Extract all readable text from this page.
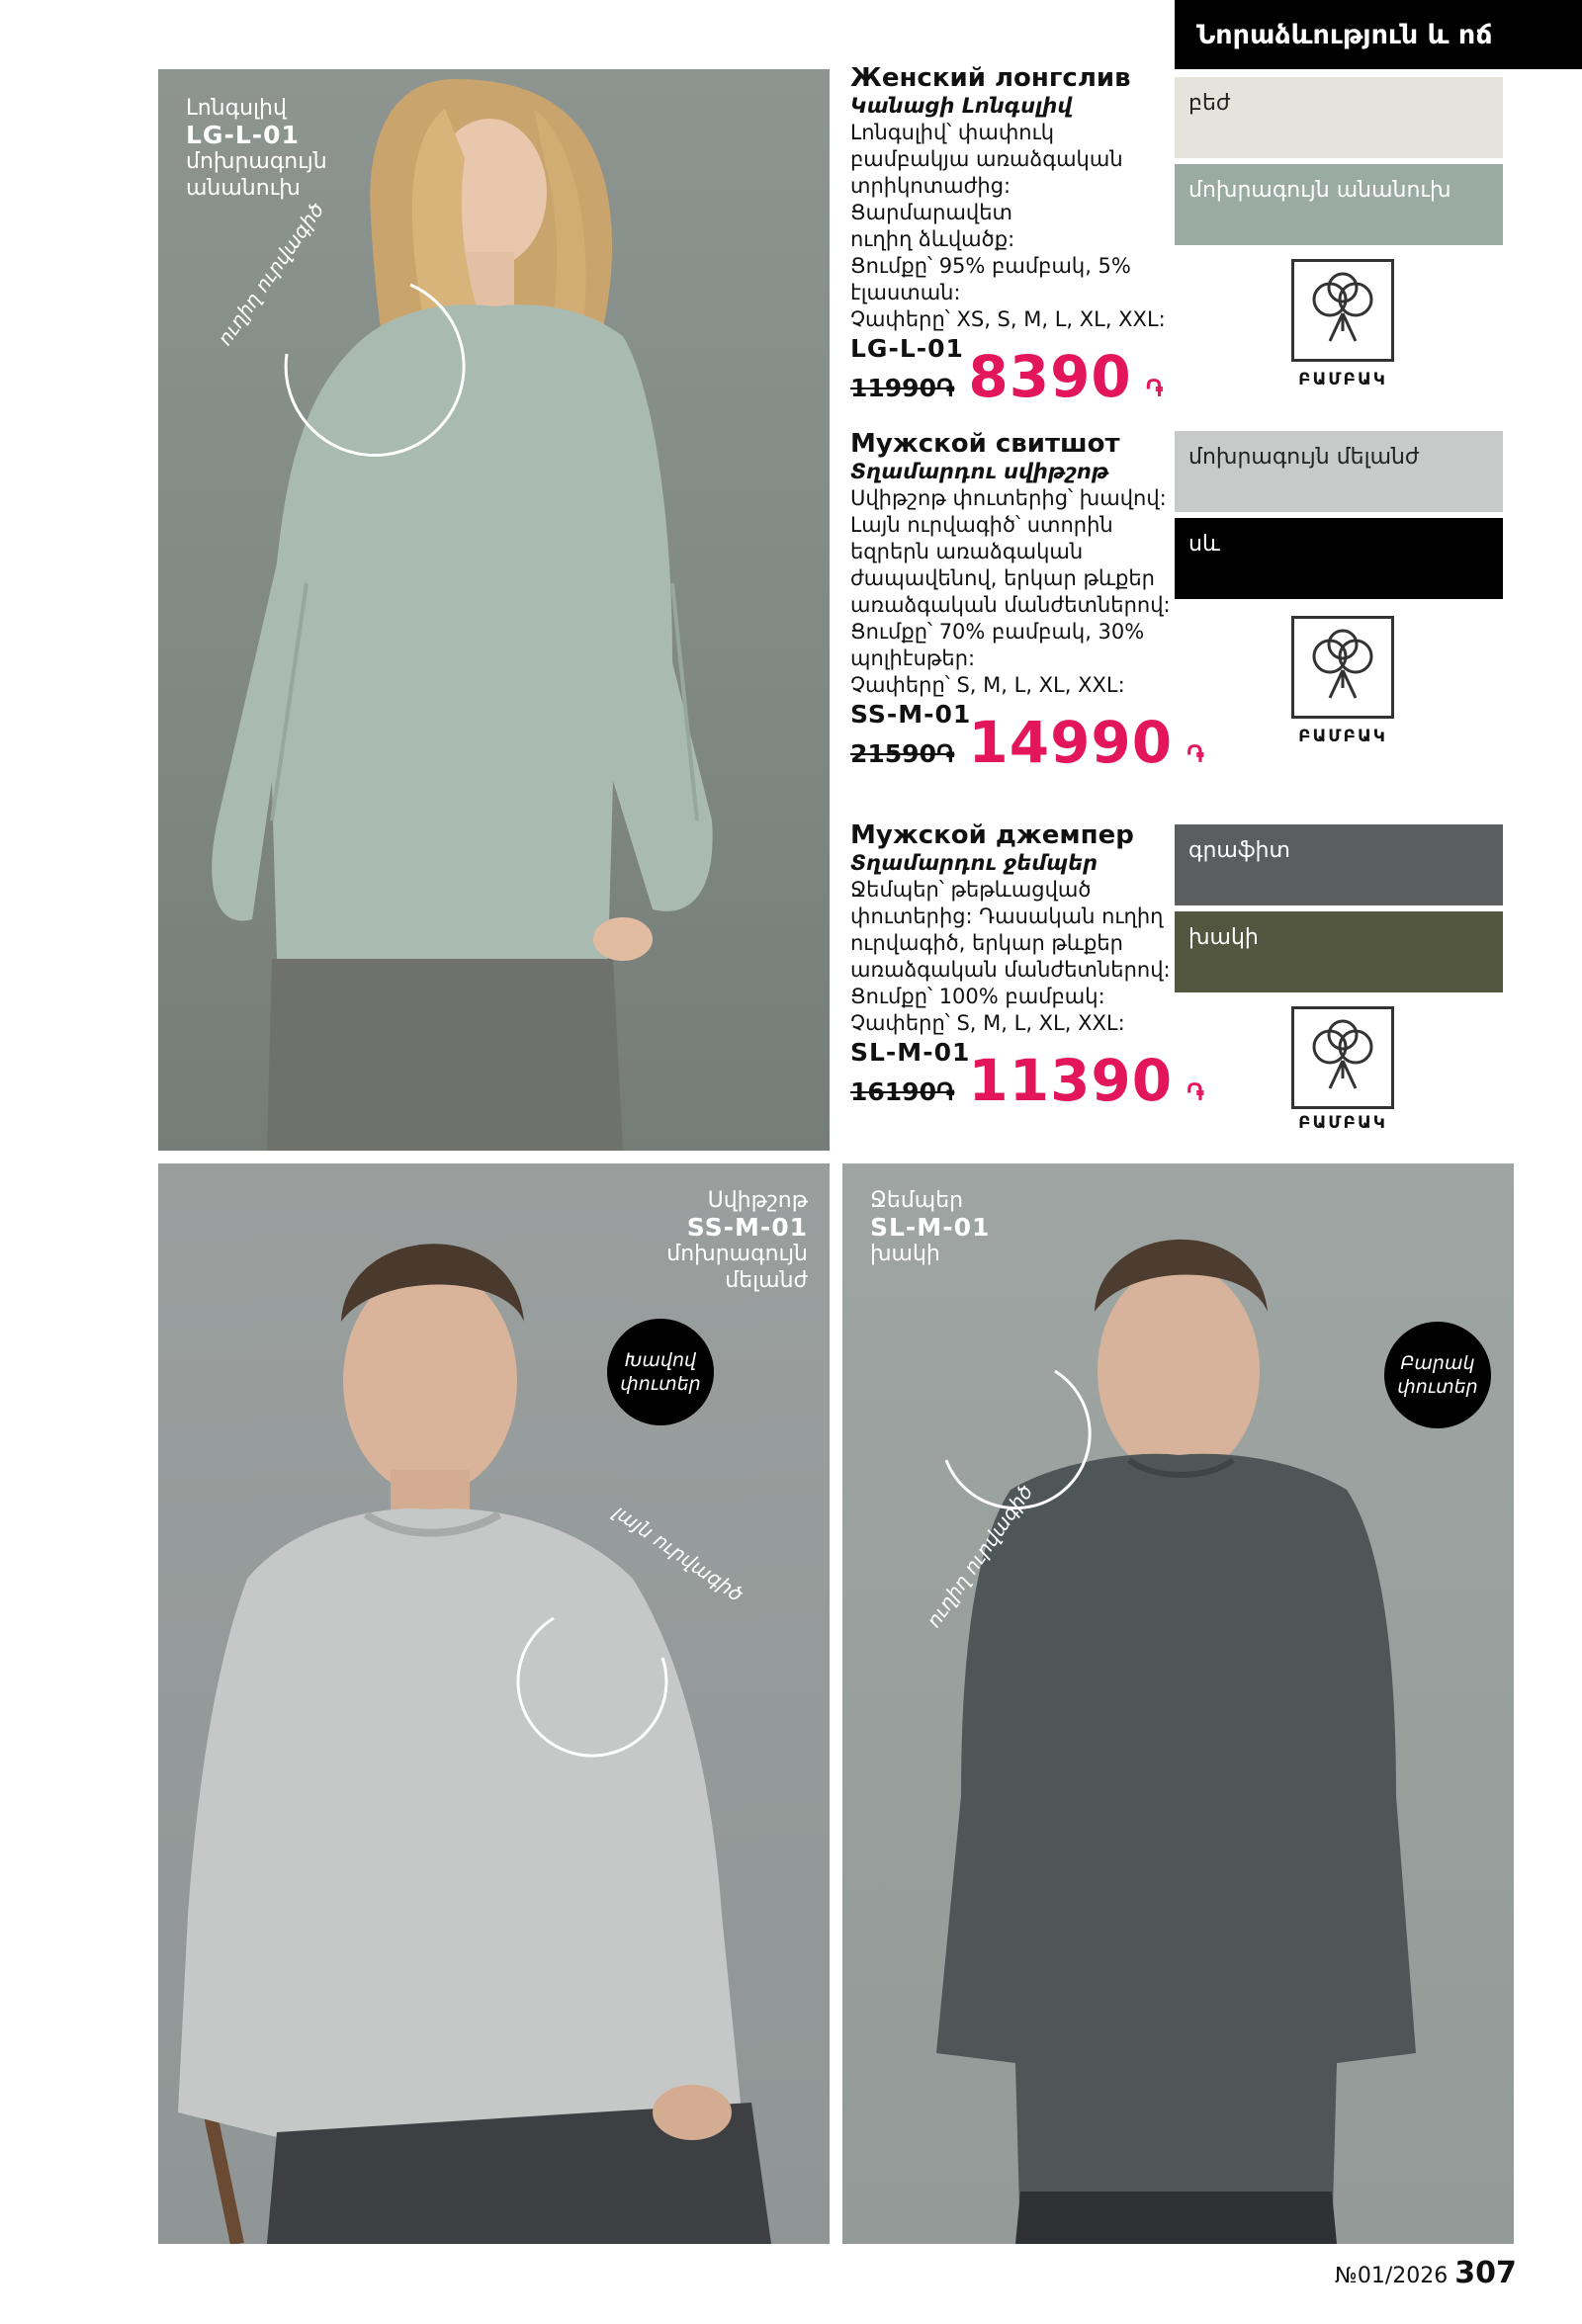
Նորաձևություն և ոճ
Լոնգսլիվ
LG-L-01
մոխրագույն
անանուխ
ուղիղ ուրվագիծ
Սվիթշոթ
SS-M-01
մոխրագույն
մելանժ
Խավով
փուտեր
լայն ուրվագիծ
Ջեմպեր
SL-M-01
խակի
Բարակ
փուտեր
ուղիղ ուրվագիծ
Женский лонгслив
Կանացի Լոնգսլիվ
Լոնգսլիվ՝ փափուկ
բամբակյա առաձգական
տրիկոտաժից: Ցարմարավետ
ուղիղ ձևվածք:
Ցումքը՝ 95% բամբակ, 5%
էլաստան:
Չափերը՝ XS, S, M, L, XL, XXL:
LG-L-01
11990֏ 8390 ֏
Мужской свитшот
Տղամարդու սվիթշոթ
Սվիթշոթ փուտերից՝ խավով:
Լայն ուրվագիծ՝ ստորին
եզրերն առաձգական
ժապավենով, երկար թևքեր
առաձգական մանժետներով:
Ցումքը՝ 70% բամբակ, 30%
պոլիէսթեր:
Չափերը՝ S, M, L, XL, XXL:
SS-M-01
21590֏ 14990 ֏
Мужской джемпер
Տղամարդու ջեմպեր
Ջեմպեր՝ թեթևացված
փուտերից: Դասական ուղիղ
ուրվագիծ, երկար թևքեր
առաձգական մանժետներով:
Ցումքը՝ 100% բամբակ:
Չափերը՝ S, M, L, XL, XXL:
SL-M-01
16190֏ 11390 ֏
բեժ
մոխրագույն անանուխ
ԲԱՄԲԱԿ
մոխրագույն մելանժ
սև
ԲԱՄԲԱԿ
գրաֆիտ
խակի
ԲԱՄԲԱԿ
№01/2026 307
